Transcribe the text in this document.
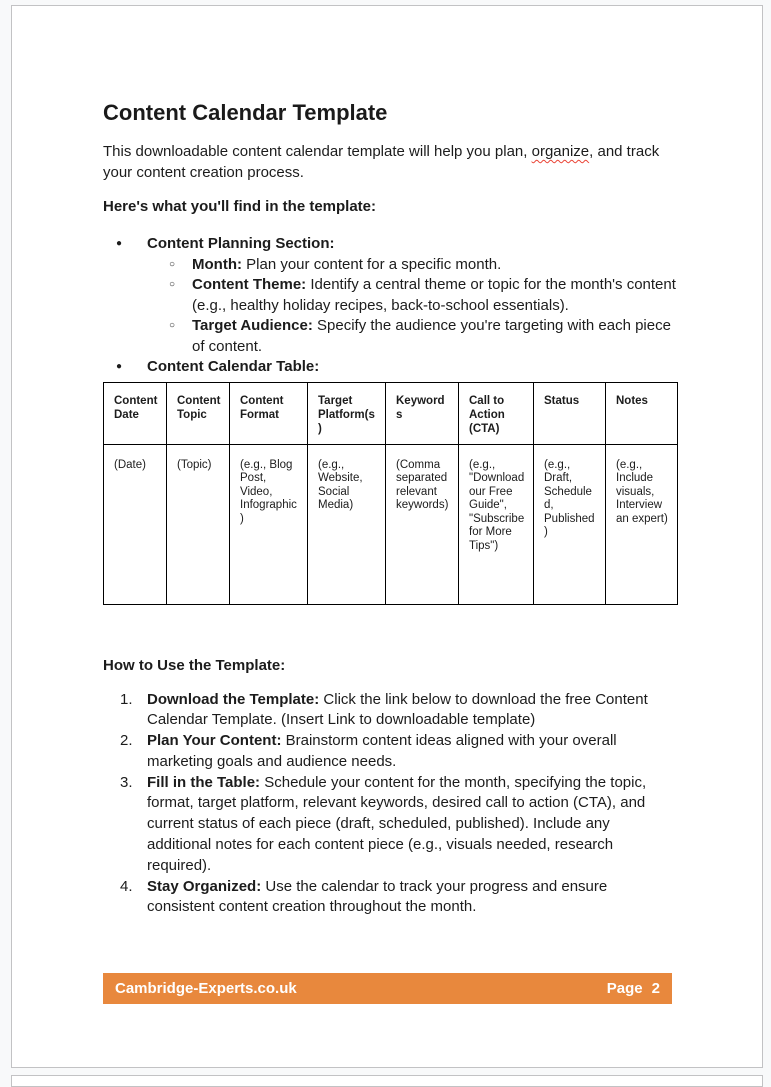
Content Calendar Template

This downloadable content calendar template will help you plan, organize, and track your content creation process.

Here's what you'll find in the template:
● Content Planning Section:
○ Month: Plan your content for a specific month.
○ Content Theme: Identify a central theme or topic for the month's content (e.g., healthy holiday recipes, back-to-school essentials).
○ Target Audience: Specify the audience you're targeting with each piece of content.
● Content Calendar Table:
Content Date	Content Topic	Content Format	Target Platform(s)	Keywords	Call to Action (CTA)	Status	Notes
(Date)	(Topic)	(e.g., Blog Post, Video, Infographic)	(e.g., Website, Social Media)	(Comma separated relevant keywords)	(e.g., "Download our Free Guide", "Subscribe for More Tips")	(e.g., Draft, Scheduled, Published)	(e.g., Include visuals, Interview an expert)
How to Use the Template:
1. Download the Template: Click the link below to download the free Content Calendar Template. (Insert Link to downloadable template)
2. Plan Your Content: Brainstorm content ideas aligned with your overall marketing goals and audience needs.
3. Fill in the Table: Schedule your content for the month, specifying the topic, format, target platform, relevant keywords, desired call to action (CTA), and current status of each piece (draft, scheduled, published). Include any additional notes for each content piece (e.g., visuals needed, research required).
4. Stay Organized: Use the calendar to track your progress and ensure consistent content creation throughout the month.
Cambridge-Experts.co.uk	Page 2
